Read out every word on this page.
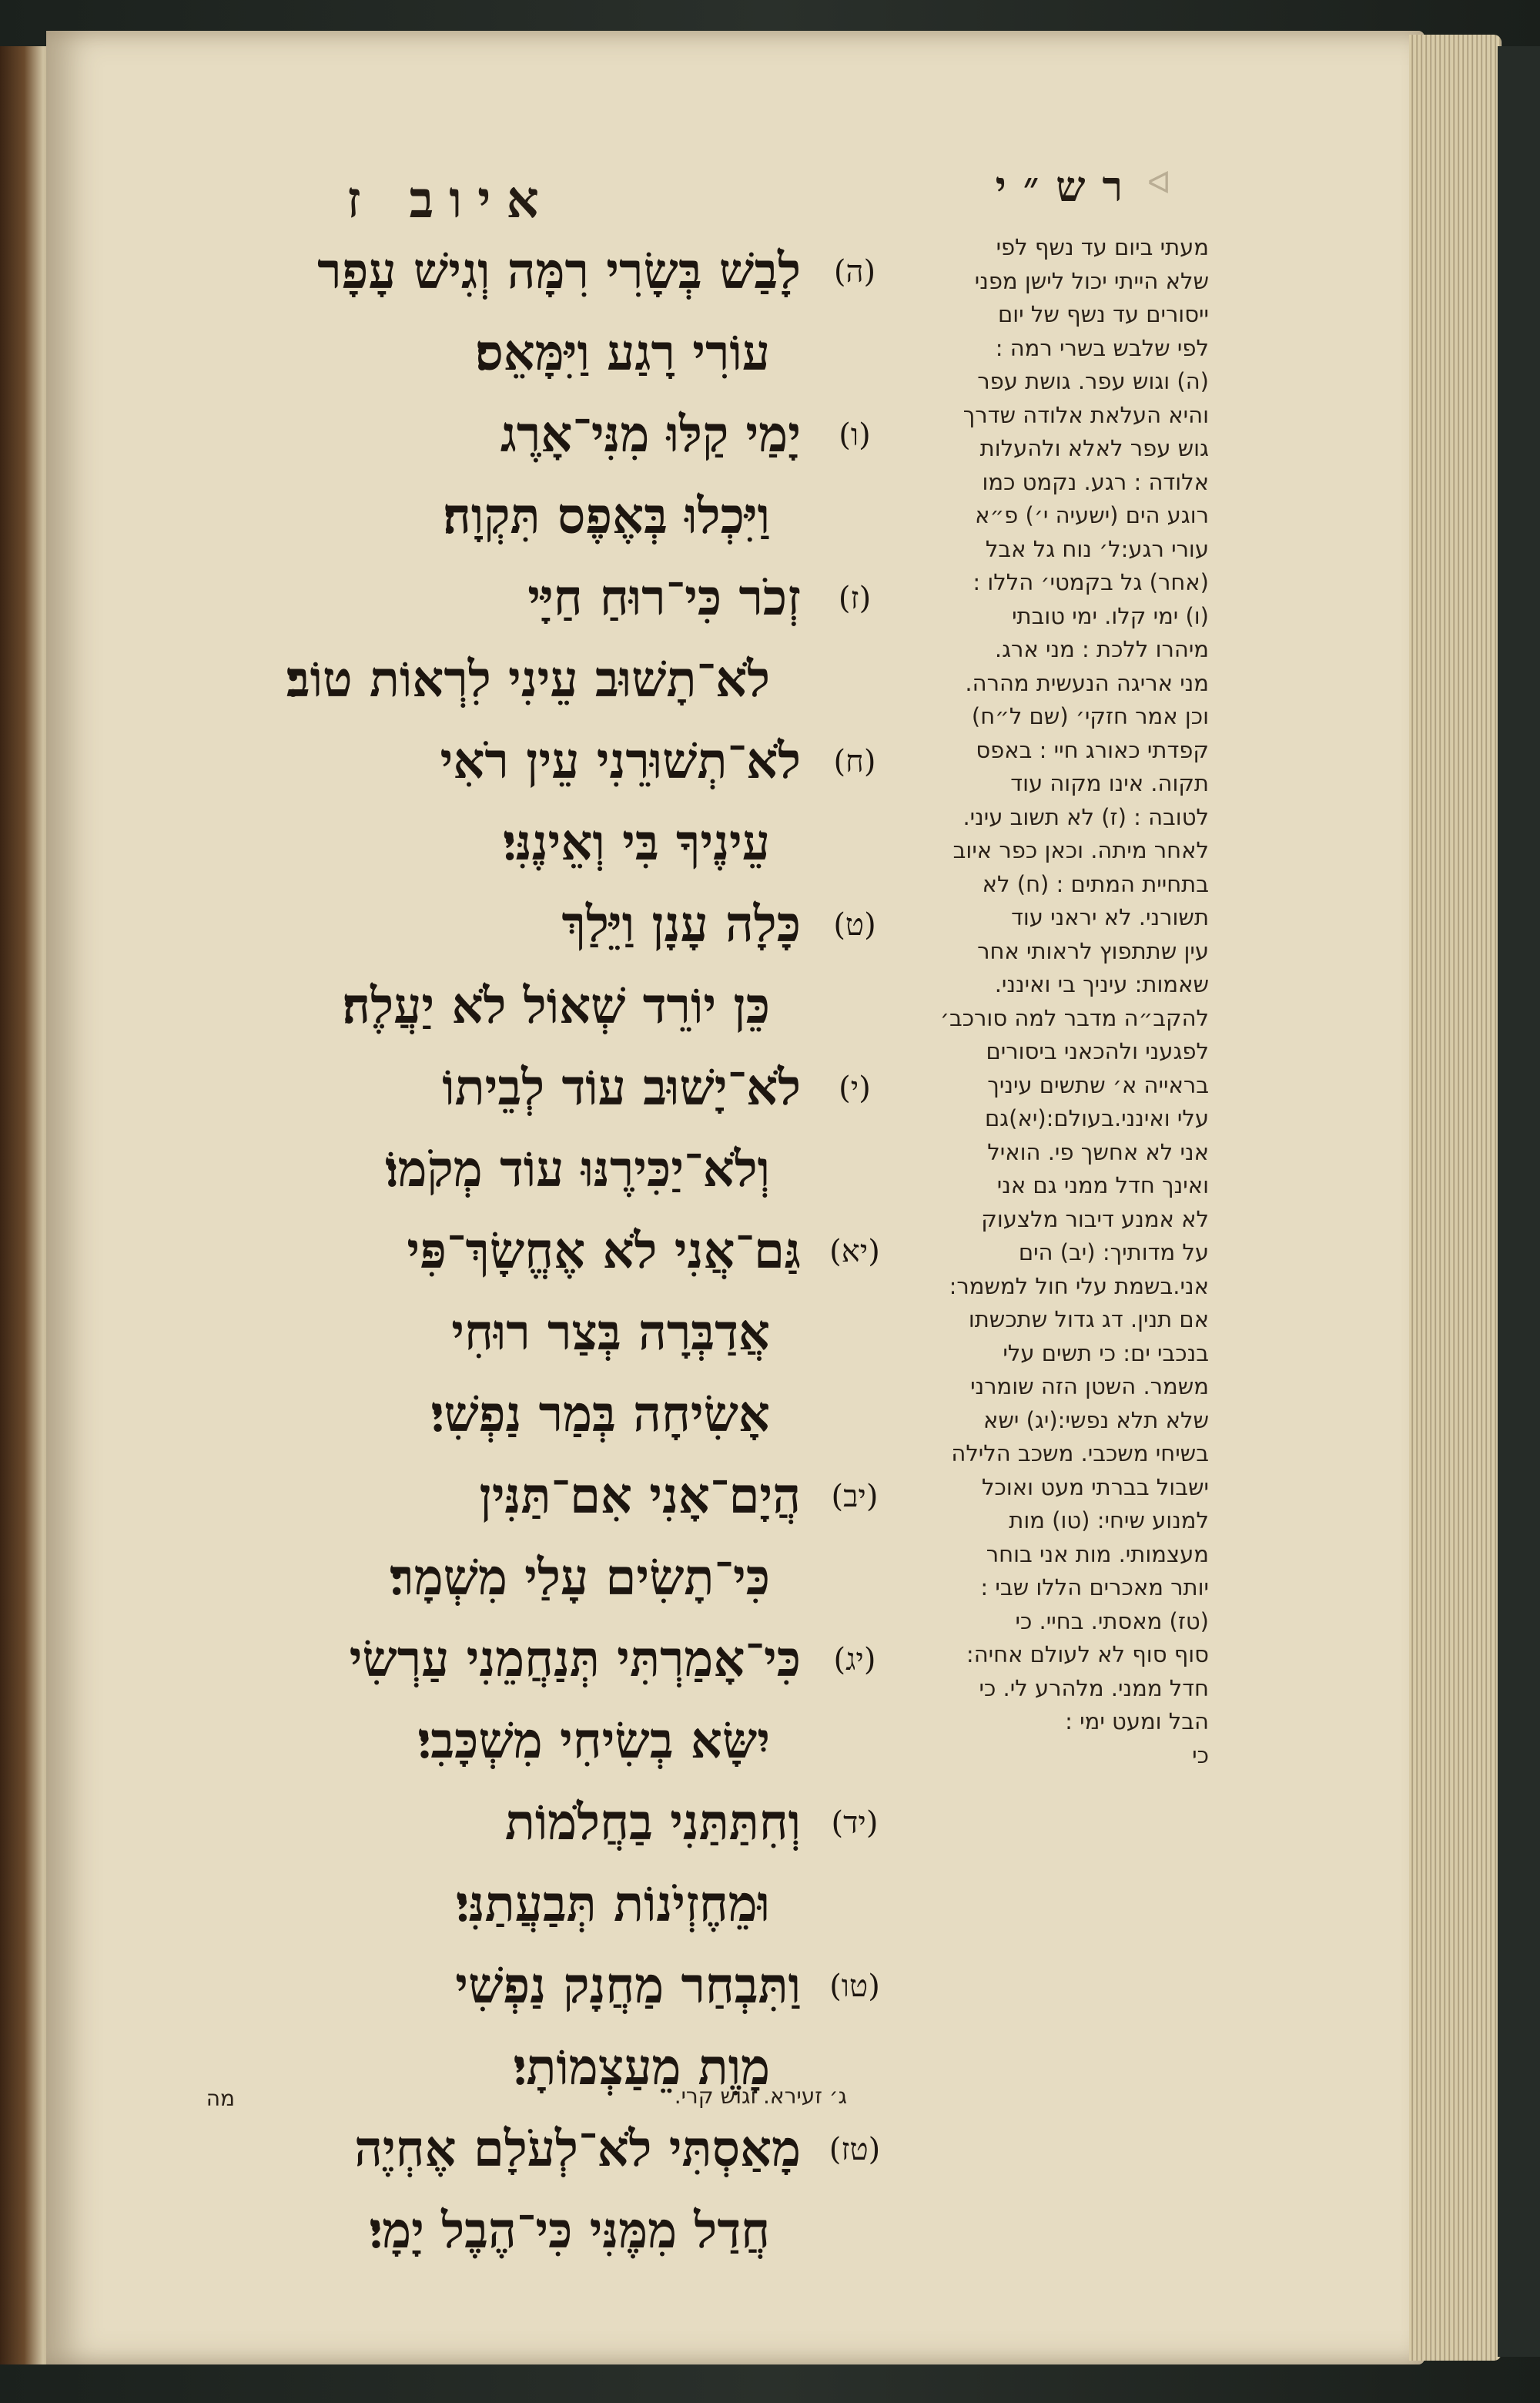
ᐊ
רש״י
איוב ז
(ה)
לָבַשׁ בְּשָׂרִי רִמָּה וְגִישׁ עָפָר
עוֹרִי רָגַע וַיִּמָּאֵס׃
(ו)
יָמַי קַלּוּ מִנִּי־אָרֶג
וַיִּכְלוּ בְּאֶפֶס תִּקְוָה׃
(ז)
זְכֹר כִּי־רוּחַ חַיָּי
לֹא־תָשׁוּב עֵינִי לִרְאוֹת טוֹב׃
(ח)
לֹא־תְשׁוּרֵנִי עֵין רֹאִי
עֵינֶיךָ בִּי וְאֵינֶנִּי׃
(ט)
כָּלָה עָנָן וַיֵּלַךְ
כֵּן יוֹרֵד שְׁאוֹל לֹא יַעֲלֶה׃
(י)
לֹא־יָשׁוּב עוֹד לְבֵיתוֹ
וְלֹא־יַכִּירֶנּוּ עוֹד מְקֹמוֹ׃
(יא)
גַּם־אֲנִי לֹא אֶחֱשָׂךְ־פִּי
אֲדַבְּרָה בְּצַר רוּחִי
אָשִׂיחָה בְּמַר נַפְשִׁי׃
(יב)
הֲיָם־אָנִי אִם־תַּנִּין
כִּי־תָשִׂים עָלַי מִשְׁמָר׃
(יג)
כִּי־אָמַרְתִּי תְּנַחֲמֵנִי עַרְשִׂי
יִשָּׂא בְשִׂיחִי מִשְׁכָּבִי׃
(יד)
וְחִתַּתַּנִי בַחֲלֹמוֹת
וּמֵחֶזְיֹנוֹת תְּבַעֲתַנִּי׃
(טו)
וַתִּבְחַר מַחֲנָק נַפְשִׁי
מָוֶת מֵעַצְמוֹתָי׃
(טז)
מָאַסְתִּי לֹא־לְעֹלָם אֶחְיֶה
חֲדַל מִמֶּנִּי כִּי־הֶבֶל יָמָי׃
מעתי ביום עד נשף לפי
שלא הייתי יכול לישן מפני
ייסורים עד נשף של יום
לפי שלבש בשרי רמה :
(ה) וגוש עפר. גושת עפר
והיא העלאת אלודה שדרך
גוש עפר לאלא ולהעלות
אלודה : רגע. נקמט כמו
רוגע הים (ישעיה י׳) פ״א
עורי רגע:ל׳ נוח גל אבל
(אחר) גל בקמטי׳ הללו :
(ו) ימי קלו. ימי טובתי
מיהרו ללכת : מני ארג.
מני אריגה הנעשית מהרה.
וכן אמר חזקי׳ (שם ל״ח)
קפדתי כאורג חיי : באפס
תקוה. אינו מקוה עוד
לטובה : (ז) לא תשוב עיני.
לאחר מיתה. וכאן כפר איוב
בתחיית המתים : (ח) לא
תשורני. לא יראני עוד
עין שתתפוץ לראותי אחר
שאמות: עיניך בי ואינני.
להקב״ה מדבר למה סורכב׳
לפגעני ולהכאני ביסורים
בראייה א׳ שתשים עיניך
עלי ואינני.בעולם:(יא)גם
אני לא אחשך פי. הואיל
ואינך חדל ממני גם אני
לא אמנע דיבור מלצעוק
על מדותיך: (יב) הים
אני.בשמת עלי חול למשמר:
אם תנין. דג גדול שתכשתו
בנכבי ים: כי תשים עלי
משמר. השטן הזה שומרני
שלא תלא נפשי:(יג) ישא
בשיחי משכבי. משכב הלילה
ישבול בברתי מעט ואוכל
למנוע שיחי: (טו) מות
מעצמותי. מות אני בוחר
יותר מאכרים הללו שבי :
(טז) מאסתי. בחיי. כי
סוף סוף לא לעולם אחיה:
חדל ממני. מלהרע לי. כי
הבל ומעט ימי :
כי
ג׳ זעירא. וגוש קרי.
מה
